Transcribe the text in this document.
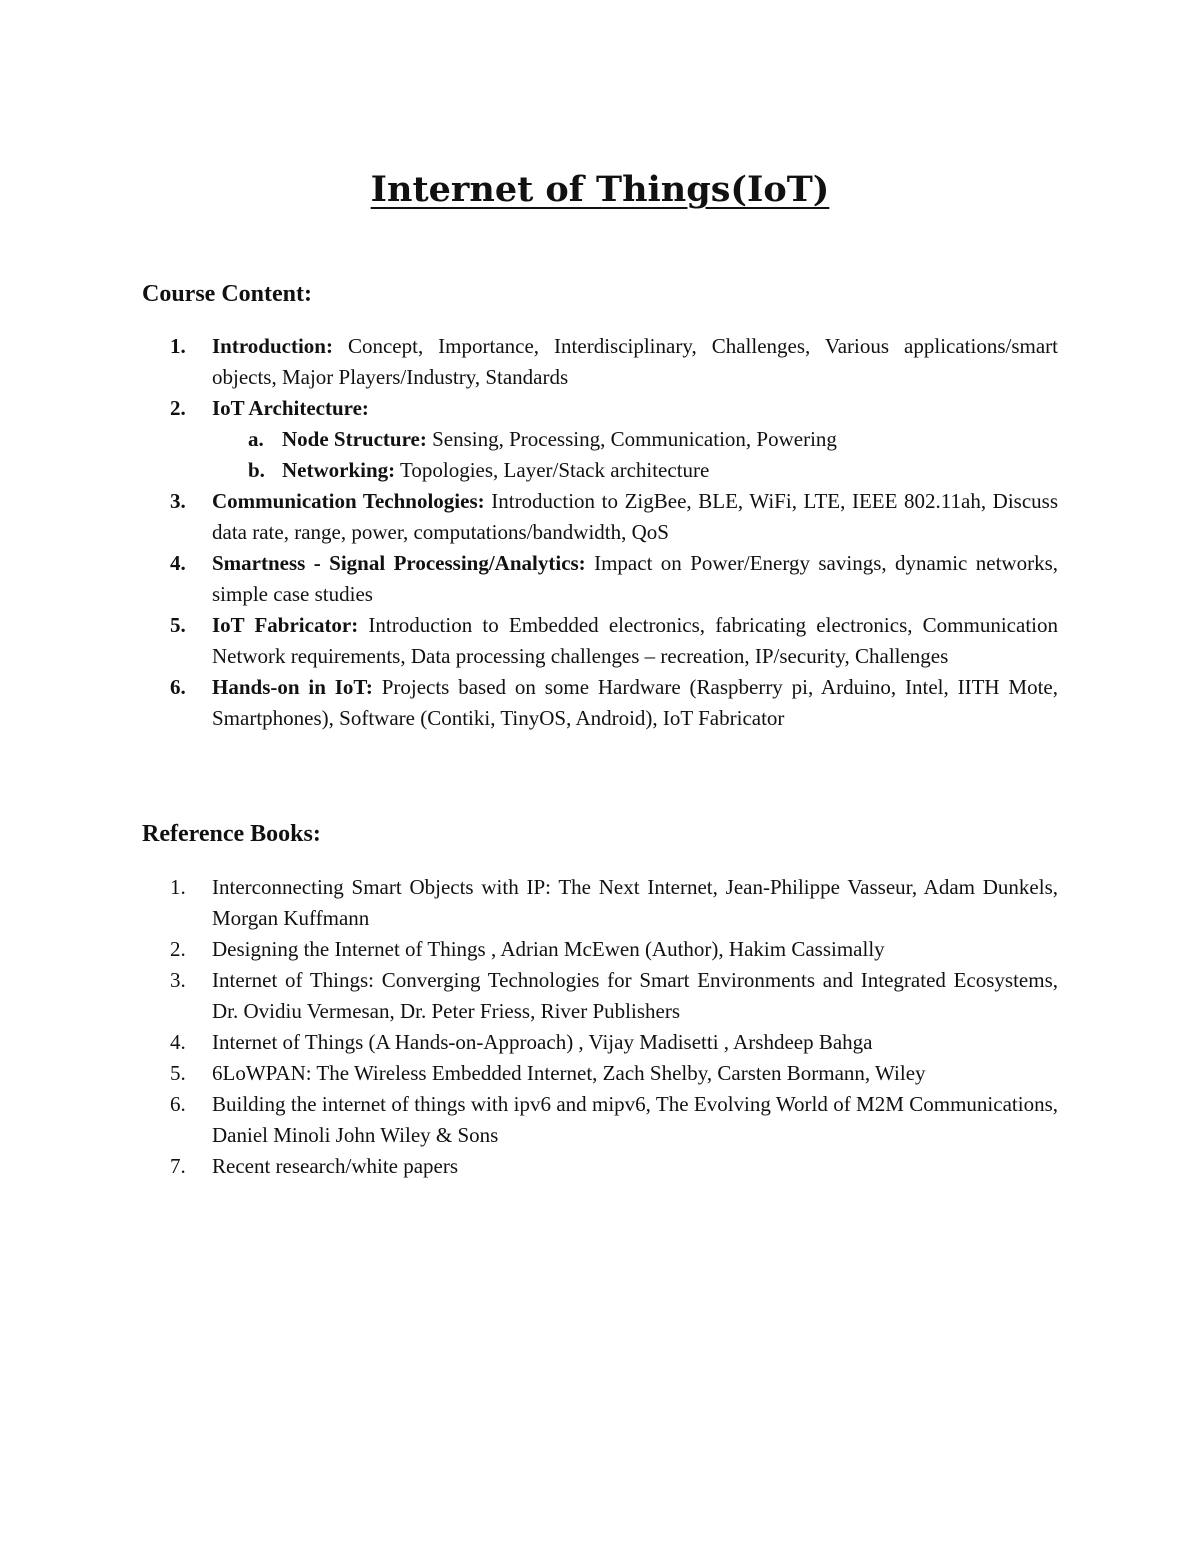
Internet of Things(IoT)
Course Content:
1. Introduction: Concept, Importance, Interdisciplinary, Challenges, Various applications/smart objects, Major Players/Industry, Standards
2. IoT Architecture:
a. Node Structure: Sensing, Processing, Communication, Powering
b. Networking: Topologies, Layer/Stack architecture
3. Communication Technologies: Introduction to ZigBee, BLE, WiFi, LTE, IEEE 802.11ah, Discuss data rate, range, power, computations/bandwidth, QoS
4. Smartness - Signal Processing/Analytics: Impact on Power/Energy savings, dynamic networks, simple case studies
5. IoT Fabricator: Introduction to Embedded electronics, fabricating electronics, Communication Network requirements, Data processing challenges – recreation, IP/security, Challenges
6. Hands-on in IoT: Projects based on some Hardware (Raspberry pi, Arduino, Intel, IITH Mote, Smartphones), Software (Contiki, TinyOS, Android), IoT Fabricator
Reference Books:
1. Interconnecting Smart Objects with IP: The Next Internet, Jean-Philippe Vasseur, Adam Dunkels, Morgan Kuffmann
2. Designing the Internet of Things , Adrian McEwen (Author), Hakim Cassimally
3. Internet of Things: Converging Technologies for Smart Environments and Integrated Ecosystems, Dr. Ovidiu Vermesan, Dr. Peter Friess, River Publishers
4. Internet of Things (A Hands-on-Approach) , Vijay Madisetti , Arshdeep Bahga
5. 6LoWPAN: The Wireless Embedded Internet, Zach Shelby, Carsten Bormann, Wiley
6. Building the internet of things with ipv6 and mipv6, The Evolving World of M2M Communications, Daniel Minoli John Wiley & Sons
7. Recent research/white papers
